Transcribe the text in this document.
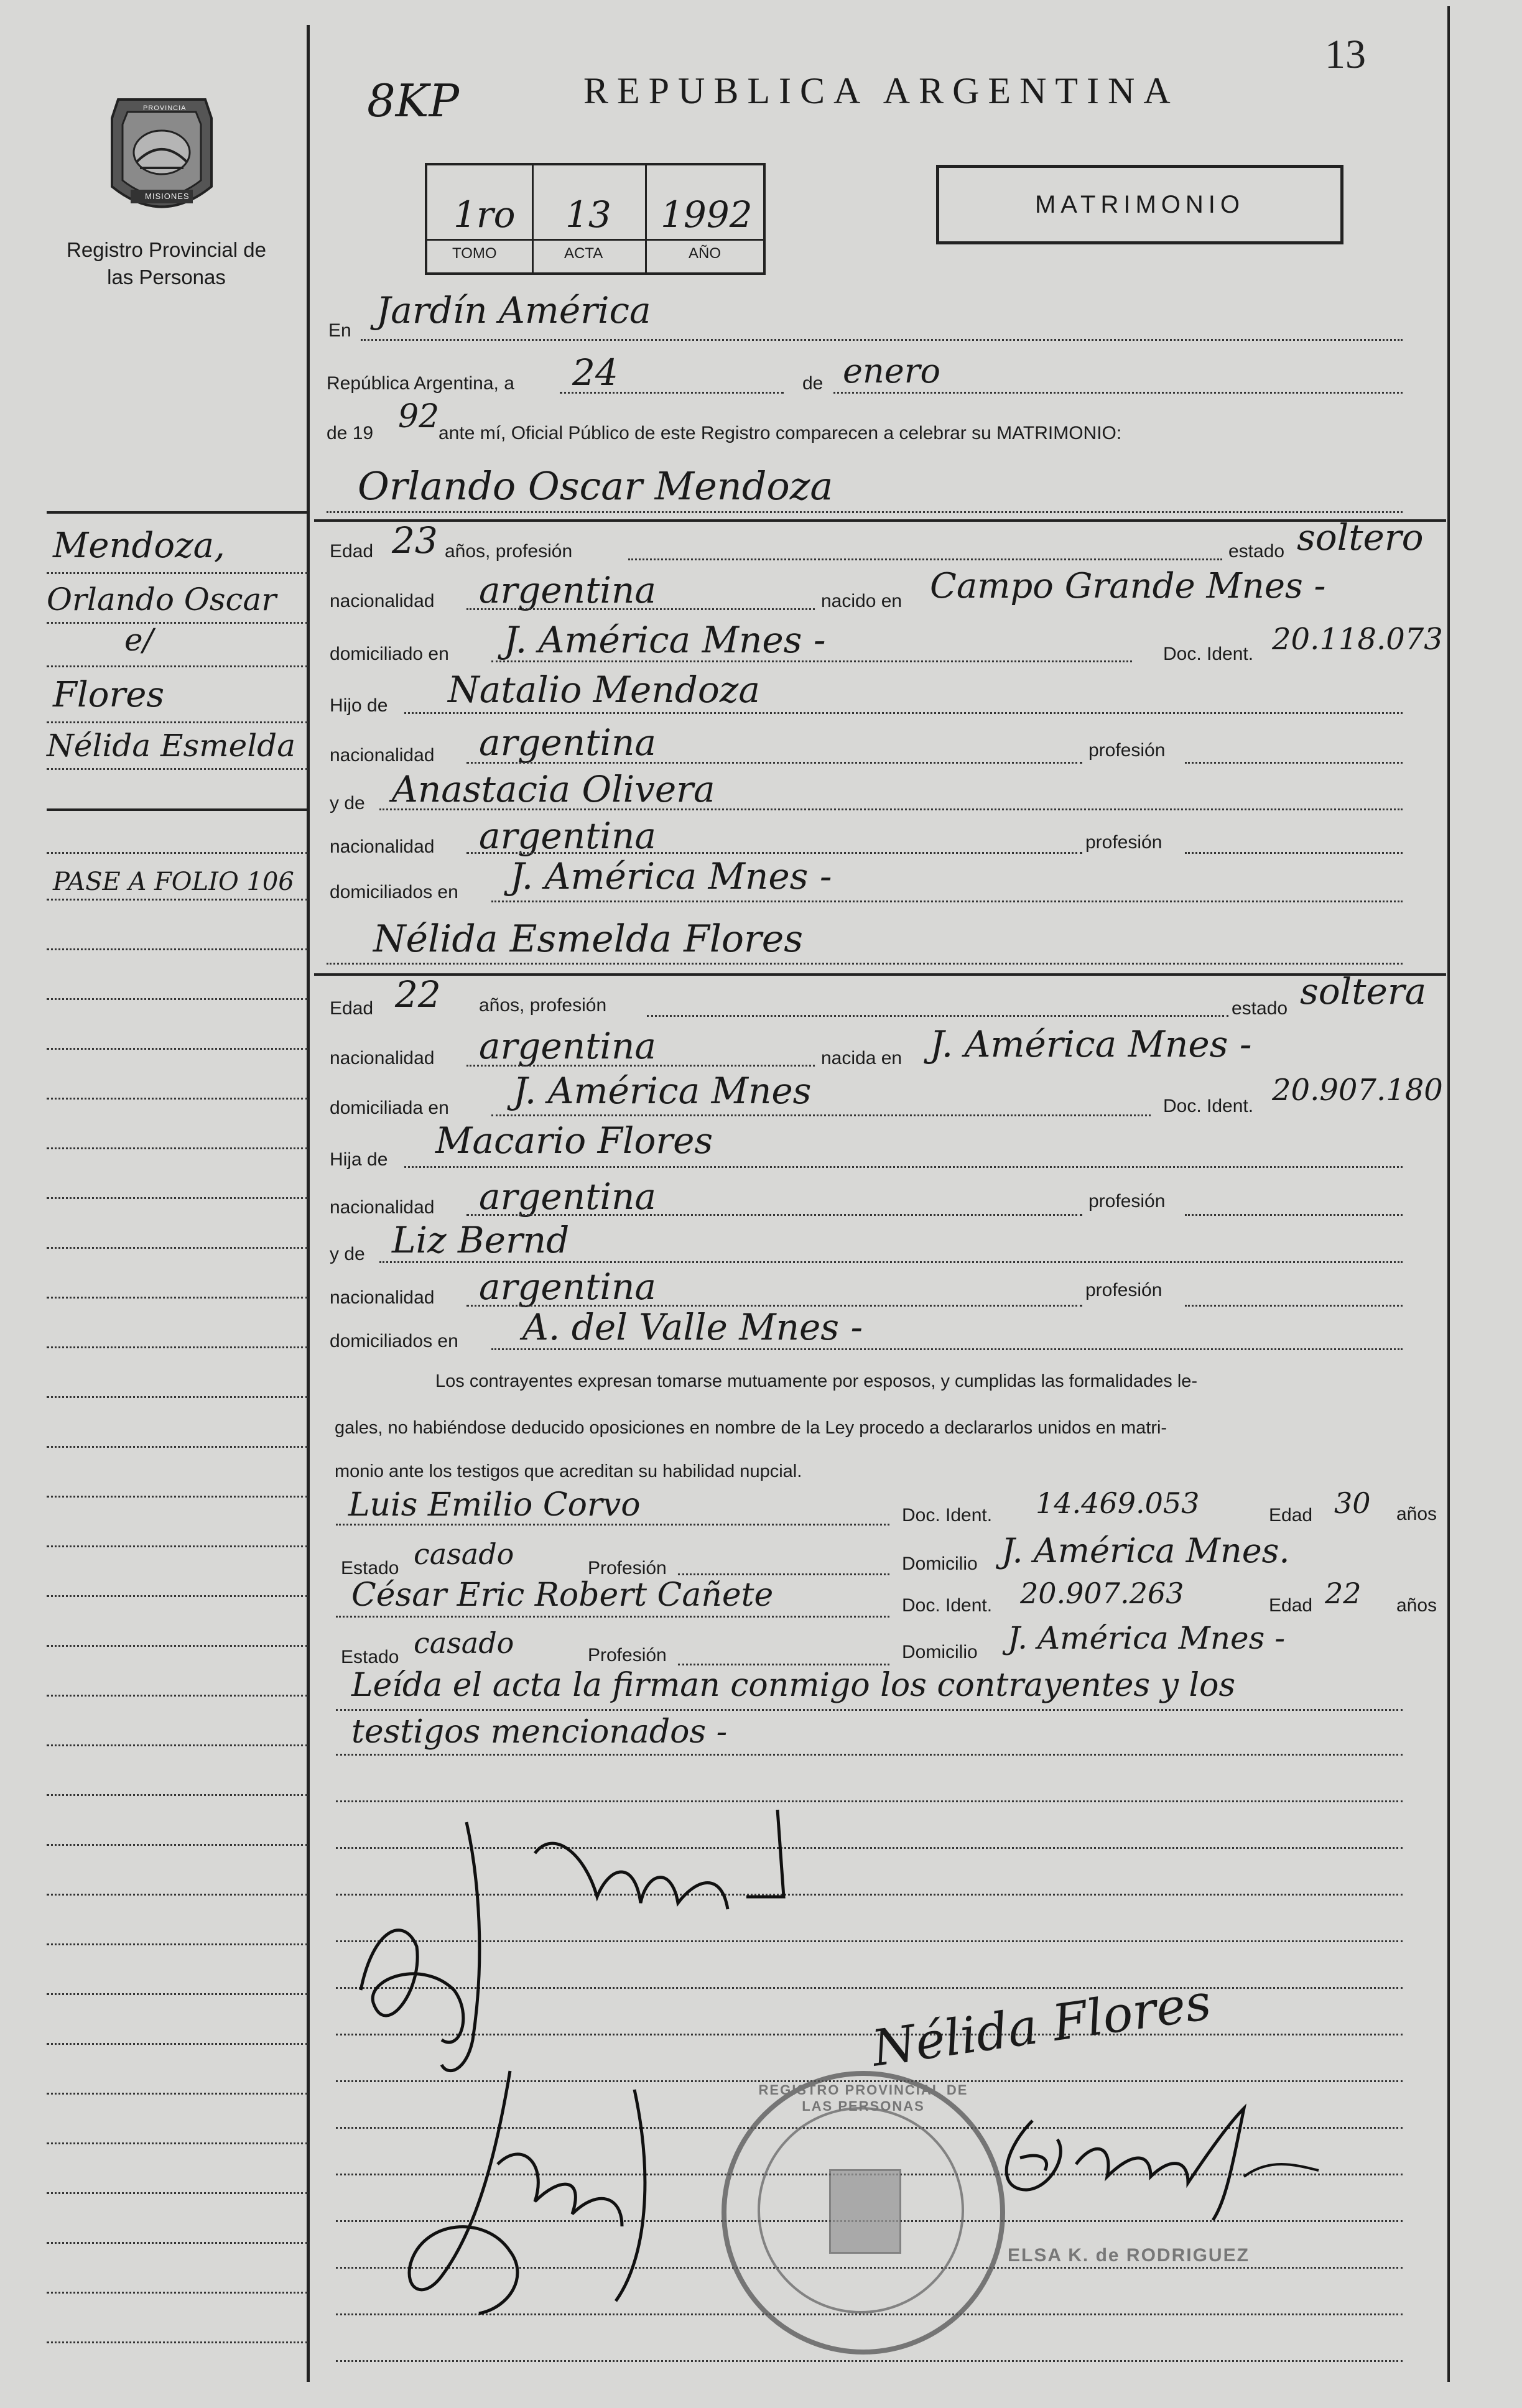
13
8KP	REPUBLICA ARGENTINA
PROVINCIA
MISIONES
Registro Provincial de las Personas
1ro 13 1992
TOMO	ACTA	AÑO
MATRIMONIO
Mendoza,
Orlando Oscar
e/
Flores
Nélida Esmelda
PASE A FOLIO 106
En Jardín América
República Argentina, a 24	de enero
de 19 92
ante mí, Oficial Público de este Registro comparecen a celebrar su MATRIMONIO:
Orlando Oscar Mendoza
Edad 23 años, profesión	estado soltero
nacionalidad argentina	nacido en Campo Grande Mnes -
domiciliado en J. América Mnes -	Doc. Ident. 20.118.073
Hijo de Natalio Mendoza
nacionalidad argentina	profesión
y de Anastacia Olivera
nacionalidad argentina	profesión
domiciliados en J. América Mnes -
Nélida Esmelda Flores
Edad 22 años, profesión	estado soltera
nacionalidad argentina	nacida en J. América Mnes -
domiciliada en J. América Mnes	Doc. Ident. 20.907.180
Hija de Macario Flores
nacionalidad argentina	profesión
y de Liz Bernd
nacionalidad argentina	profesión
domiciliados en A. del Valle Mnes -
Los contrayentes expresan tomarse mutuamente por esposos, y cumplidas las formalidades le-
gales, no habiéndose deducido oposiciones en nombre de la Ley procedo a declararlos unidos en matri-
monio ante los testigos que acreditan su habilidad nupcial.
Luis Emilio Corvo	Doc. Ident. 14.469.053	Edad 30 años
Estado casado	Profesión	Domicilio J. América Mnes.
César Eric Robert Cañete	Doc. Ident. 20.907.263	Edad 22 años
Estado casado	Profesión	Domicilio J. América Mnes -
Leída el acta la firman conmigo los contrayentes y los
testigos mencionados -
Nélida Flores
REGISTRO PROVINCIAL DE LAS PERSONAS
ELSA K. de RODRIGUEZ
